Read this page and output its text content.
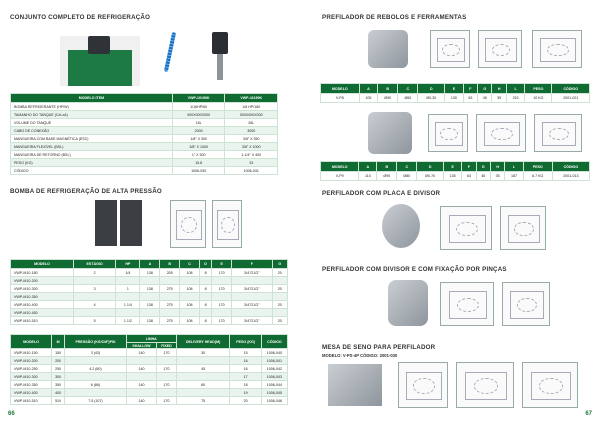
CONJUNTO COMPLETO DE REFRIGERAÇÃO
MODELO ITEM	VWP-10190K	VWP-41190K
BOMBA REFRIGERANTE (HP/W)	1/16HP/60	1/8 HP/180
TAMANHO DO TANQUE (CxLxA)	000X000X000	000X000X000
VOLUME DO TANQUE	16L	26L
CABO DE CONEXÃO	2000	3000
MANGUEIRA COM BASE MAGNÉTICA (ESC)	1/8" X 300	3/8" X 350
MANGUEIRA FLEXÍVEL (BSL)	3/8" X 1000	3/8" X 1000
MANGUEIRA DE RETORNO (BSL)	1" X 300	1-1/4" X 400
PESO (KG)	15.8	33
CÓDIGO	1006-030	1006-031
BOMBA DE REFRIGERAÇÃO DE ALTA PRESSÃO
MODELO	ESTÁGIO	HP	A	B	C	D	E	F	G
VWP-M10-180	2	1/4	138	205	108	8	170	3/4"G1/2"	20
VWP-M10-200									
VWP-M10-300	3	1	138	275	108	8	170	3/4"G1/2"	20
VWP-M10-350									
VWP-M10-400	4	1 1/4	138	275	108	8	170	3/4"G1/2"	20
VWP-M10-450									
VWP-M10-510	5	1 1/2	138	275	108	8	170	3/4"G1/2"	20
MODELO	M	PRESSÃO (KG/CM²)PSI	LINHA		DELIVERY HEAD(M)	PESO (KG)	CÓDIGO
			SHALLOW	FIXED			
VWP-M10-150	150	3 (43)	140	170	30	15	1006-040
VWP-M10-200	200					16	1006-041
VWP-M10-250	250	4.2 (60)	140	170	45	16	1006-042
VWP-M10-300	300					17	1006-043
VWP-M10-350	350	6 (86)	140	170	60	18	1006-044
VWP-M10-400	400					19	1006-045
VWP-M10-510	510	7.5 (107)	140	170	75	20	1006-046
66
PREFILADOR DE REBOLOS E FERRAMENTAS
MODELO	A	B	C	D	E	F	G	H	L	PESO	CÓDIGO
V-P8	105	Ø90	Ø60	Ø0-30	130	63	45	35	215	10 KG	2001-021
MODELO	A	B	C	D	E	F	G	H	L	PESO	CÓDIGO
V-P9	110	Ø90	Ø80	Ø0-70	135	63	45	35	187	6.7 KG	2001-013
PERFILADOR COM PLACA E DIVISOR
PERFILADOR COM DIVISOR E COM FIXAÇÃO POR PINÇAS
MESA DE SENO PARA PERFILADOR
MODELO: V-PS-4P CÓDIGO: 2001-030
67
